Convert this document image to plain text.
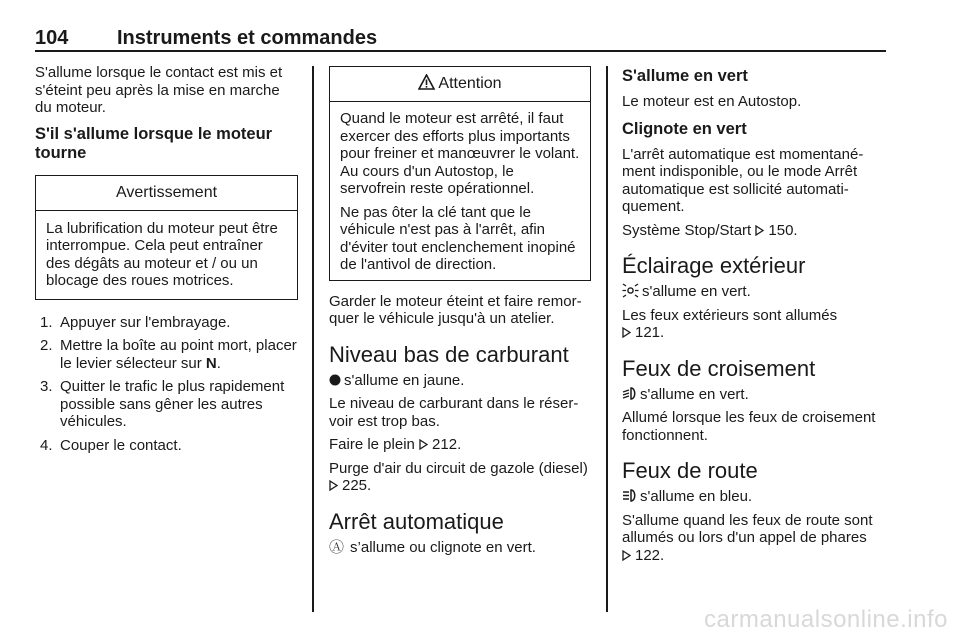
104 Instruments et commandes

S'allume lorsque le contact est mis et s'éteint peu après la mise en marche du moteur.

S'il s'allume lorsque le moteur tourne
Avertissement
La lubrification du moteur peut être interrompue. Cela peut entraîner des dégâts au moteur et / ou un blocage des roues motrices.
1. Appuyer sur l'embrayage.
2. Mettre la boîte au point mort, placer le levier sélecteur sur N.
3. Quitter le trafic le plus rapidement possible sans gêner les autres véhicules.
4. Couper le contact.
Attention

Quand le moteur est arrêté, il faut exercer des efforts plus importants pour freiner et manœuvrer le volant. Au cours d'un Autostop, le servofrein reste opérationnel.

Ne pas ôter la clé tant que le véhicule n'est pas à l'arrêt, afin d'éviter tout enclenchement inopiné de l'antivol de direction.

Garder le moteur éteint et faire remorquer le véhicule jusqu'à un atelier.

Niveau bas de carburant

s'allume en jaune.

Le niveau de carburant dans le réservoir est trop bas.

Faire le plein 212.

Purge d'air du circuit de gazole (diesel) 225.

Arrêt automatique

Ⓐ s’allume ou clignote en vert.

S'allume en vert

Le moteur est en Autostop.

Clignote en vert

L'arrêt automatique est momentanément indisponible, ou le mode Arrêt automatique est sollicité automatiquement.

Système Stop/Start 150.

Éclairage extérieur

s'allume en vert.

Les feux extérieurs sont allumés
121.

Feux de croisement

s'allume en vert.

Allumé lorsque les feux de croisement fonctionnent.

Feux de route

s'allume en bleu.

S'allume quand les feux de route sont allumés ou lors d'un appel de phares
122.

carmanualsonline.info
